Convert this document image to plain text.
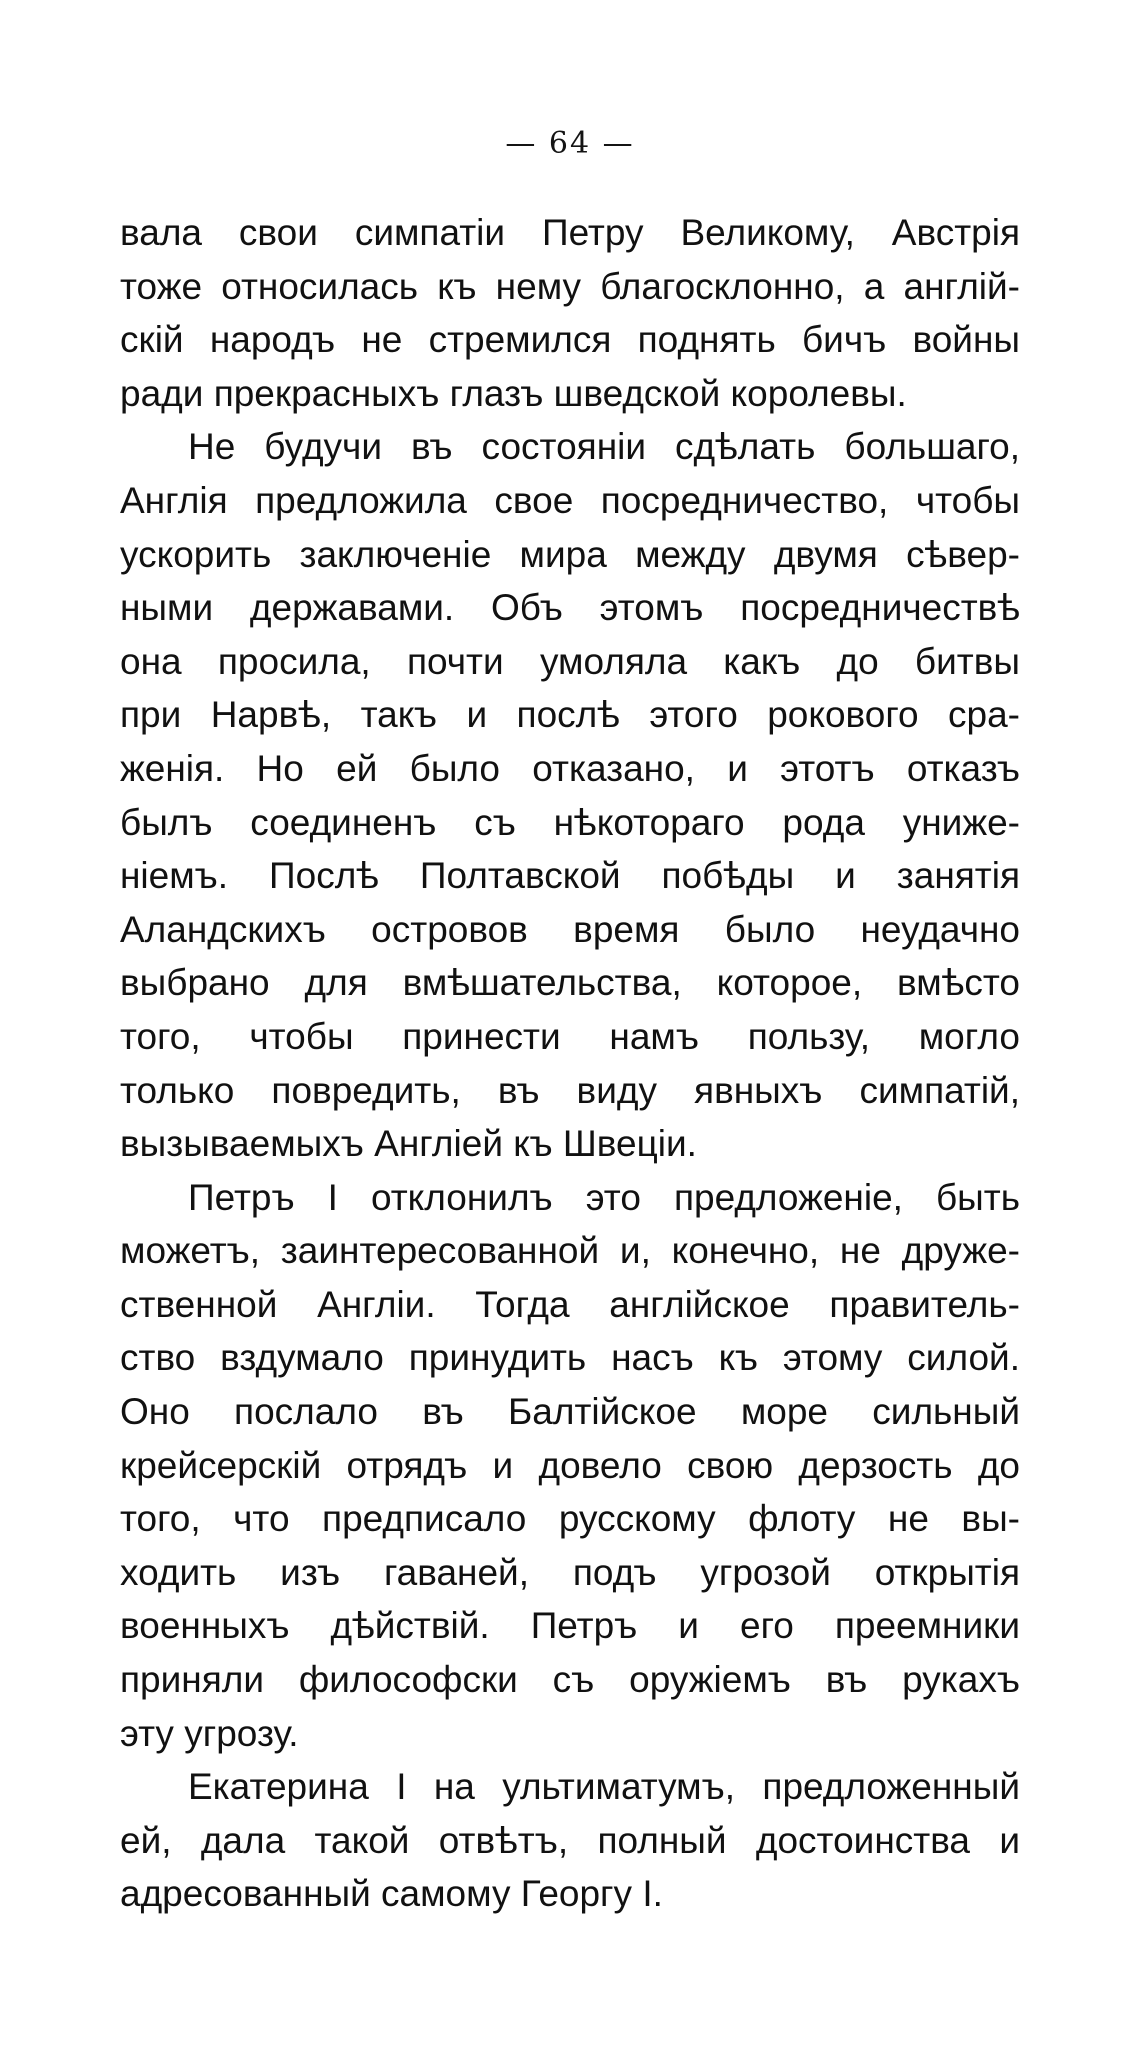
— 64 —
вала свои симпатіи Петру Великому, Австрія
тоже относилась къ нему благосклонно, а англій-
скій народъ не стремился поднять бичъ войны
ради прекрасныхъ глазъ шведской королевы.
Не будучи въ состояніи сдѣлать большаго,
Англія предложила свое посредничество, чтобы
ускорить заключеніе мира между двумя сѣвер-
ными державами. Объ этомъ посредничествѣ
она просила, почти умоляла какъ до битвы
при Нарвѣ, такъ и послѣ этого рокового сра-
женія. Но ей было отказано, и этотъ отказъ
былъ соединенъ съ нѣкотораго рода униже-
ніемъ. Послѣ Полтавской побѣды и занятія
Аландскихъ островов время было неудачно
выбрано для вмѣшательства, которое, вмѣсто
того, чтобы принести намъ пользу, могло
только повредить, въ виду явныхъ симпатій,
вызываемыхъ Англіей къ Швеціи.
Петръ I отклонилъ это предложеніе, быть
можетъ, заинтересованной и, конечно, не друже-
ственной Англіи. Тогда англійское правитель-
ство вздумало принудить насъ къ этому силой.
Оно послало въ Балтійское море сильный
крейсерскій отрядъ и довело свою дерзость до
того, что предписало русскому флоту не вы-
ходить изъ гаваней, подъ угрозой открытія
военныхъ дѣйствій. Петръ и его преемники
приняли философски съ оружіемъ въ рукахъ
эту угрозу.
Екатерина I на ультиматумъ, предложенный
ей, дала такой отвѣтъ, полный достоинства и
адресованный самому Георгу I.
